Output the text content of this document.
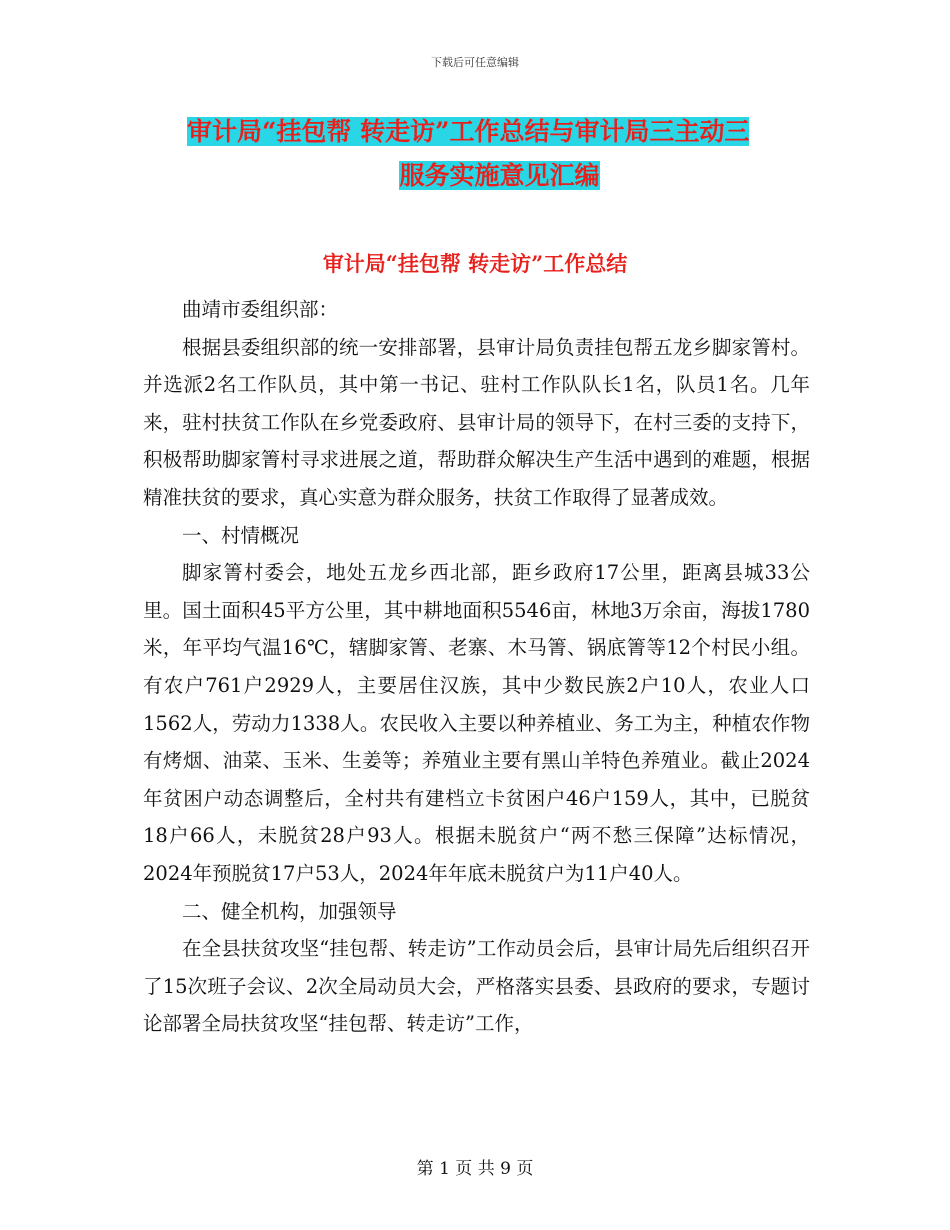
下载后可任意编辑
审计局“挂包帮 转走访”工作总结与审计局三主动三
服务实施意见汇编
审计局“挂包帮 转走访”工作总结

曲靖市委组织部：

根据县委组织部的统一安排部署，县审计局负责挂包帮五龙乡脚家箐村。并选派2名工作队员，其中第一书记、驻村工作队队长1名，队员1名。几年来，驻村扶贫工作队在乡党委政府、县审计局的领导下，在村三委的支持下，积极帮助脚家箐村寻求进展之道，帮助群众解决生产生活中遇到的难题，根据精准扶贫的要求，真心实意为群众服务，扶贫工作取得了显著成效。

一、村情概况

脚家箐村委会，地处五龙乡西北部，距乡政府17公里，距离县城33公里。国土面积45平方公里，其中耕地面积5546亩，林地3万余亩，海拔1780米，年平均气温16℃，辖脚家箐、老寨、木马箐、锅底箐等12个村民小组。有农户761户2929人，主要居住汉族，其中少数民族2户10人，农业人口1562人，劳动力1338人。农民收入主要以种养植业、务工为主，种植农作物有烤烟、油菜、玉米、生姜等；养殖业主要有黑山羊特色养殖业。截止2024年贫困户动态调整后，全村共有建档立卡贫困户46户159人，其中，已脱贫18户66人，未脱贫28户93人。根据未脱贫户“两不愁三保障”达标情况，2024年预脱贫17户53人，2024年年底未脱贫户为11户40人。

二、健全机构，加强领导

在全县扶贫攻坚“挂包帮、转走访”工作动员会后，县审计局先后组织召开了15次班子会议、2次全局动员大会，严格落实县委、县政府的要求，专题讨论部署全局扶贫攻坚“挂包帮、转走访”工作，

第 1 页 共 9 页
